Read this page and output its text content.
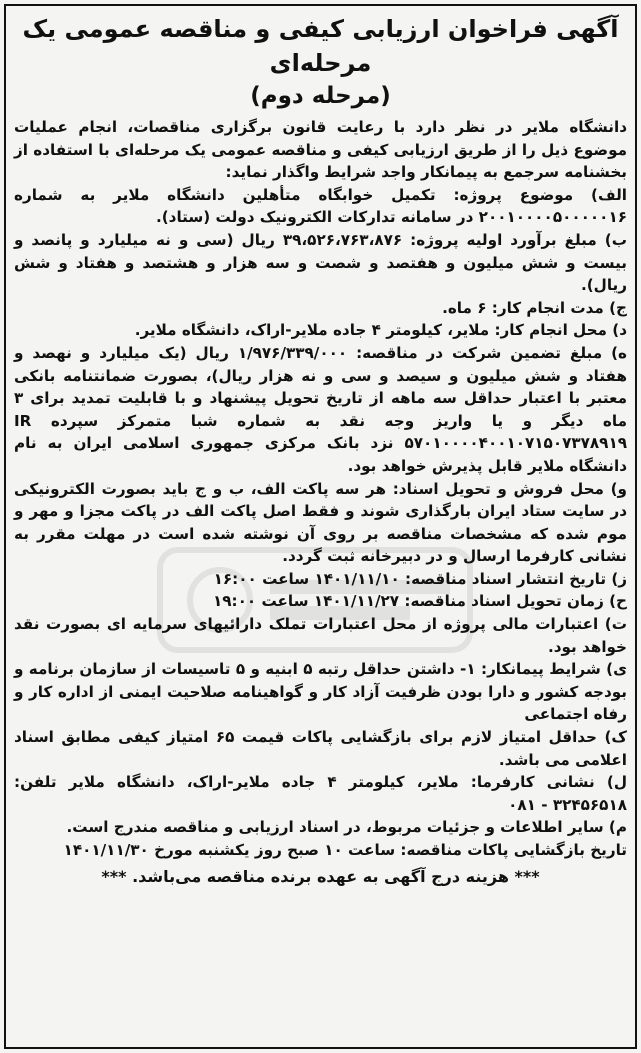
آگهی فراخوان ارزیابی کیفی و مناقصه عمومی یک مرحله‌ای
(مرحله دوم)

دانشگاه ملایر در نظر دارد با رعایت قانون برگزاری مناقصات، انجام عملیات موضوع ذیل را از طریق ارزیابی کیفی و مناقصه عمومی یک مرحله‌ای با استفاده از بخشنامه سرجمع به پیمانکار واجد شرایط واگذار نماید:

الف) موضوع پروژه: تکمیل خوابگاه متأهلین دانشگاه ملایر به شماره ۲۰۰۱۰۰۰۰۵۰۰۰۰۰۱۶ در سامانه تدارکات الکترونیک دولت (ستاد).

ب) مبلغ برآورد اولیه پروژه: ۳۹،۵۲۶،۷۶۳،۸۷۶ ریال (سی و نه میلیارد و پانصد و بیست و شش میلیون و هفتصد و شصت و سه هزار و هشتصد و هفتاد و شش ریال).

ج) مدت انجام کار: ۶ ماه.

د) محل انجام کار: ملایر، کیلومتر ۴ جاده ملایر-اراک، دانشگاه ملایر.

ه) مبلغ تضمین شرکت در مناقصه: ۱/۹۷۶/۳۳۹/۰۰۰ ریال (یک میلیارد و نهصد و هفتاد و شش میلیون و سیصد و سی و نه هزار ریال)، بصورت ضمانتنامه بانکی معتبر با اعتبار حداقل سه ماهه از تاریخ تحویل پیشنهاد و با قابلیت تمدید برای ۳ ماه دیگر و یا واریز وجه نقد به شماره شبا متمرکز سپرده IR ۵۷۰۱۰۰۰۰۴۰۰۱۰۷۱۵۰۷۳۷۸۹۱۹ نزد بانک مرکزی جمهوری اسلامی ایران به نام دانشگاه ملایر قابل پذیرش خواهد بود.

و) محل فروش و تحویل اسناد: هر سه پاکت الف، ب و ج باید بصورت الکترونیکی در سایت ستاد ایران بارگذاری شوند و فقط اصل پاکت الف در پاکت مجزا و مهر و موم شده که مشخصات مناقصه بر روی آن نوشته شده است در مهلت مقرر به نشانی کارفرما ارسال و در دبیرخانه ثبت گردد.

ز) تاریخ انتشار اسناد مناقصه: ۱۴۰۱/۱۱/۱۰ ساعت ۱۶:۰۰

ح) زمان تحویل اسناد مناقصه: ۱۴۰۱/۱۱/۲۷ ساعت ۱۹:۰۰

ت) اعتبارات مالی پروژه از محل اعتبارات تملک دارائیهای سرمایه ای بصورت نقد خواهد بود.

ی) شرایط پیمانکار: ۱- داشتن حداقل رتبه ۵ ابنیه و ۵ تاسیسات از سازمان برنامه و بودجه کشور و دارا بودن ظرفیت آزاد کار و گواهینامه صلاحیت ایمنی از اداره کار و رفاه اجتماعی

ک) حداقل امتیاز لازم برای بازگشایی پاکات قیمت ۶۵ امتیاز کیفی مطابق اسناد اعلامی می باشد.

ل) نشانی کارفرما: ملایر، کیلومتر ۴ جاده ملایر-اراک، دانشگاه ملایر تلفن: ۳۲۴۵۶۵۱۸ - ۰۸۱

م) سایر اطلاعات و جزئیات مربوط، در اسناد ارزیابی و مناقصه مندرج است.

تاریخ بازگشایی پاکات مناقصه: ساعت ۱۰ صبح روز یکشنبه مورخ ۱۴۰۱/۱۱/۳۰

*** هزینه درج آگهی به عهده برنده مناقصه می‌باشد. ***
